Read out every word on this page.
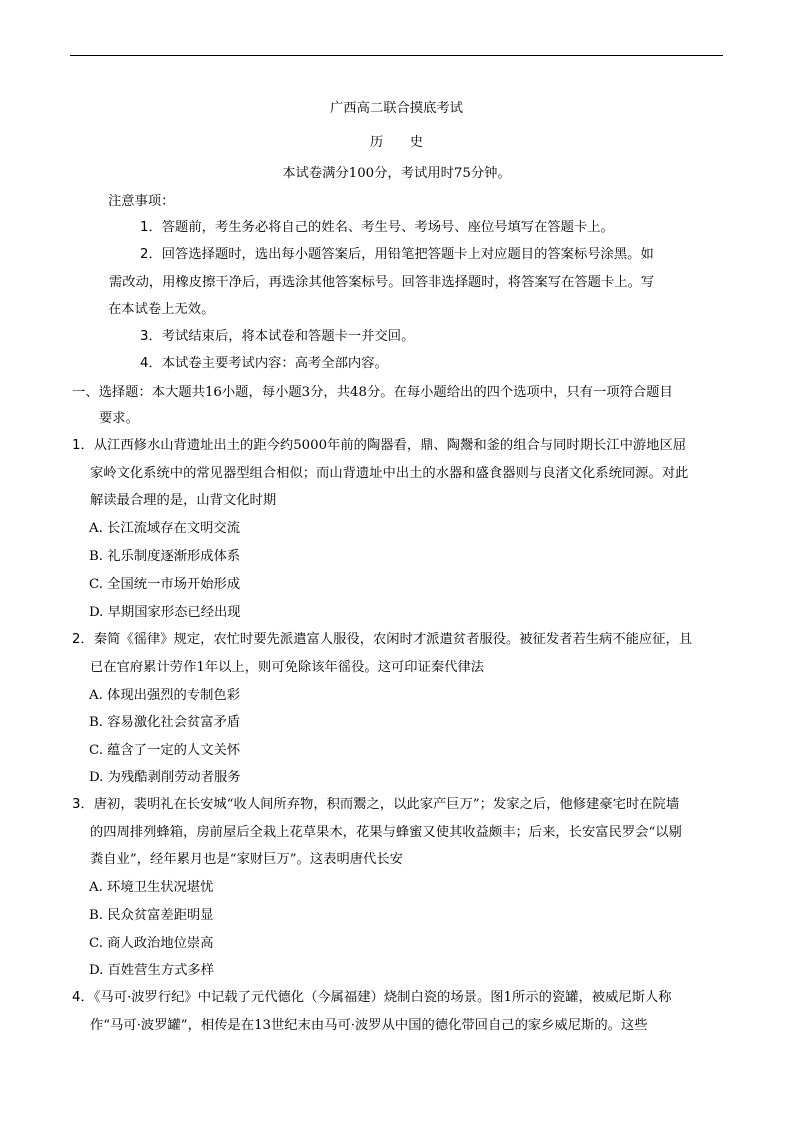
广西高二联合摸底考试
历　　史
本试卷满分100分，考试用时75分钟。
注意事项：
1．答题前，考生务必将自己的姓名、考生号、考场号、座位号填写在答题卡上。
2．回答选择题时，选出每小题答案后，用铅笔把答题卡上对应题目的答案标号涂黑。如
需改动，用橡皮擦干净后，再选涂其他答案标号。回答非选择题时，将答案写在答题卡上。写
在本试卷上无效。
3．考试结束后，将本试卷和答题卡一并交回。
4．本试卷主要考试内容：高考全部内容。
一、选择题：本大题共16小题，每小题3分，共48分。在每小题给出的四个选项中，只有一项符合题目
要求。
1．从江西修水山背遗址出土的距今约5000年前的陶器看，鼎、陶鬶和釜的组合与同时期长江中游地区屈
家岭文化系统中的常见器型组合相似；而山背遗址中出土的水器和盛食器则与良渚文化系统同源。对此
解读最合理的是，山背文化时期
A. 长江流域存在文明交流
B. 礼乐制度逐渐形成体系
C. 全国统一市场开始形成
D. 早期国家形态已经出现
2．秦简《徭律》规定，农忙时要先派遣富人服役，农闲时才派遣贫者服役。被征发者若生病不能应征，且
已在官府累计劳作1年以上，则可免除该年徭役。这可印证秦代律法
A. 体现出强烈的专制色彩
B. 容易激化社会贫富矛盾
C. 蕴含了一定的人文关怀
D. 为残酷剥削劳动者服务
3．唐初，裴明礼在长安城“收人间所弃物，积而鬻之，以此家产巨万”；发家之后，他修建豪宅时在院墙
的四周排列蜂箱，房前屋后全栽上花草果木，花果与蜂蜜又使其收益颇丰；后来，长安富民罗会“以剔
粪自业”，经年累月也是“家财巨万”。这表明唐代长安
A. 环境卫生状况堪忧
B. 民众贫富差距明显
C. 商人政治地位崇高
D. 百姓营生方式多样
4．《马可·波罗行纪》中记载了元代德化（今属福建）烧制白瓷的场景。图1所示的瓷罐，被威尼斯人称
作“马可·波罗罐”，相传是在13世纪末由马可·波罗从中国的德化带回自己的家乡威尼斯的。这些
